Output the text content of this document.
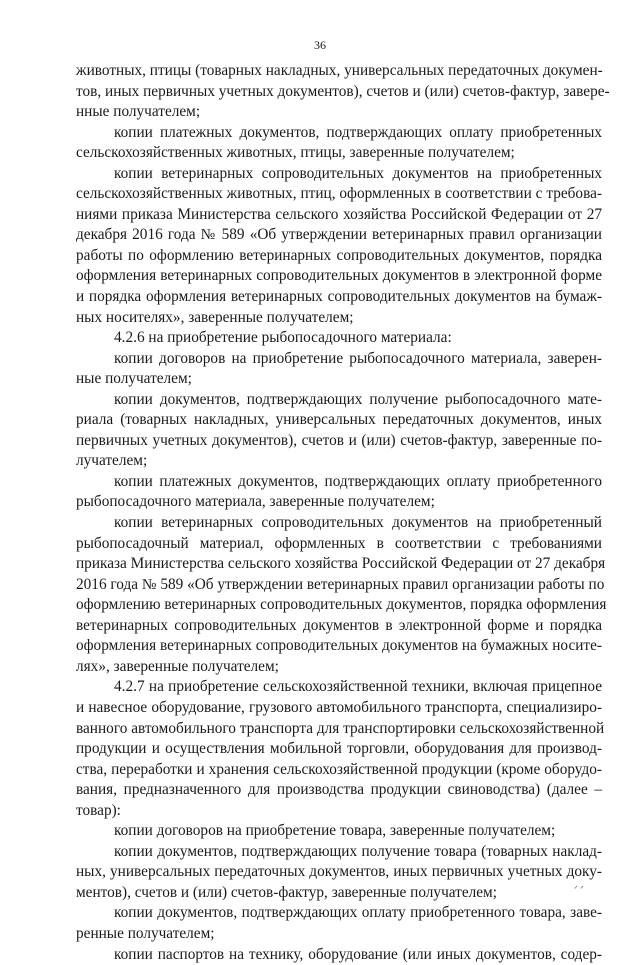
36
животных, птицы (товарных накладных, универсальных передаточных докумен-
тов, иных первичных учетных документов), счетов и (или) счетов-фактур, завере-
нные получателем;
копии платежных документов, подтверждающих оплату приобретенных
сельскохозяйственных животных, птицы, заверенные получателем;
копии ветеринарных сопроводительных документов на приобретенных
сельскохозяйственных животных, птиц, оформленных в соответствии с требова-
ниями приказа Министерства сельского хозяйства Российской Федерации от 27
декабря 2016 года № 589 «Об утверждении ветеринарных правил организации
работы по оформлению ветеринарных сопроводительных документов, порядка
оформления ветеринарных сопроводительных документов в электронной форме
и порядка оформления ветеринарных сопроводительных документов на бумаж-
ных носителях», заверенные получателем;
4.2.6 на приобретение рыбопосадочного материала:
копии договоров на приобретение рыбопосадочного материала, заверен-
ные получателем;
копии документов, подтверждающих получение рыбопосадочного мате-
риала (товарных накладных, универсальных передаточных документов, иных
первичных учетных документов), счетов и (или) счетов-фактур, заверенные по-
лучателем;
копии платежных документов, подтверждающих оплату приобретенного
рыбопосадочного материала, заверенные получателем;
копии ветеринарных сопроводительных документов на приобретенный
рыбопосадочный материал, оформленных в соответствии с требованиями
приказа Министерства сельского хозяйства Российской Федерации от 27 декабря
2016 года № 589 «Об утверждении ветеринарных правил организации работы по
оформлению ветеринарных сопроводительных документов, порядка оформления
ветеринарных сопроводительных документов в электронной форме и порядка
оформления ветеринарных сопроводительных документов на бумажных носите-
лях», заверенные получателем;
4.2.7 на приобретение сельскохозяйственной техники, включая прицепное
и навесное оборудование, грузового автомобильного транспорта, специализиро-
ванного автомобильного транспорта для транспортировки сельскохозяйственной
продукции и осуществления мобильной торговли, оборудования для производ-
ства, переработки и хранения сельскохозяйственной продукции (кроме оборудо-
вания, предназначенного для производства продукции свиноводства) (далее –
товар):
копии договоров на приобретение товара, заверенные получателем;
копии документов, подтверждающих получение товара (товарных наклад-
ных, универсальных передаточных документов, иных первичных учетных доку-
ментов), счетов и (или) счетов-фактур, заверенные получателем;
копии документов, подтверждающих оплату приобретенного товара, заве-
ренные получателем;
копии паспортов на технику, оборудование (или иных документов, содер-
ᐟ ᐟ
